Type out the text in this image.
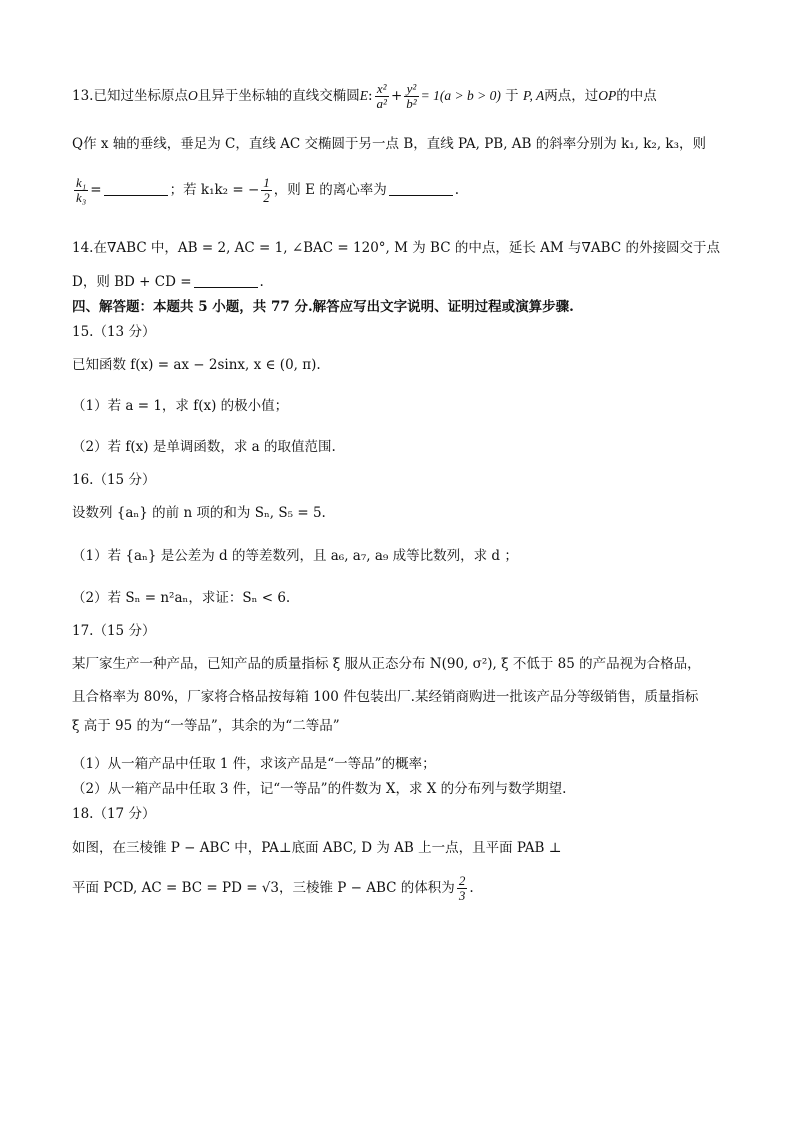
13.已知过坐标原点O且异于坐标轴的直线交椭圆E: $\frac{\text{x²}}{\text{a²}} + \frac{\text{y²}}{\text{b²}} = 1(a > b > 0)$ 于 P, A两点，过OP的中点
Q作 x 轴的垂线，垂足为 C，直线 AC 交椭圆于另一点 B，直线 PA, PB, AB 的斜率分别为 k₁, k₂, k₃，则
$\frac{\text{k₁}}{\text{k₃}}$ =	；若 k₁k₂ = − $\frac{1}{2}$ ，则 E 的离心率为	.
14.在∇ABC 中，AB = 2, AC = 1, ∠BAC = 120°, M 为 BC 的中点，延长 AM 与∇ABC 的外接圆交于点
D，则 BD + CD =	.
四、解答题：本题共 5 小题，共 77 分.解答应写出文字说明、证明过程或演算步骤.
15.（13 分）
已知函数 f(x) = ax − 2sinx, x ∈ (0, π).
（1）若 a = 1，求 f(x) 的极小值；
（2）若 f(x) 是单调函数，求 a 的取值范围.
16.（15 分）
设数列 {aₙ} 的前 n 项的和为 Sₙ, S₅ = 5.
（1）若 {aₙ} 是公差为 d 的等差数列，且 a₆, a₇, a₉ 成等比数列，求 d ；
（2）若 Sₙ = n²aₙ，求证：Sₙ < 6.
17.（15 分）
某厂家生产一种产品，已知产品的质量指标 ξ 服从正态分布 N(90, σ²), ξ 不低于 85 的产品视为合格品，
且合格率为 80%，厂家将合格品按每箱 100 件包装出厂.某经销商购进一批该产品分等级销售，质量指标
ξ 高于 95 的为“一等品”，其余的为“二等品”
（1）从一箱产品中任取 1 件，求该产品是“一等品”的概率；
（2）从一箱产品中任取 3 件，记“一等品”的件数为 X，求 X 的分布列与数学期望.
18.（17 分）
如图，在三棱锥 P − ABC 中，PA⊥底面 ABC, D 为 AB 上一点，且平面 PAB ⊥
平面 PCD, AC = BC = PD = √3，三棱锥 P − ABC 的体积为 $\frac{2}{3}$ .
